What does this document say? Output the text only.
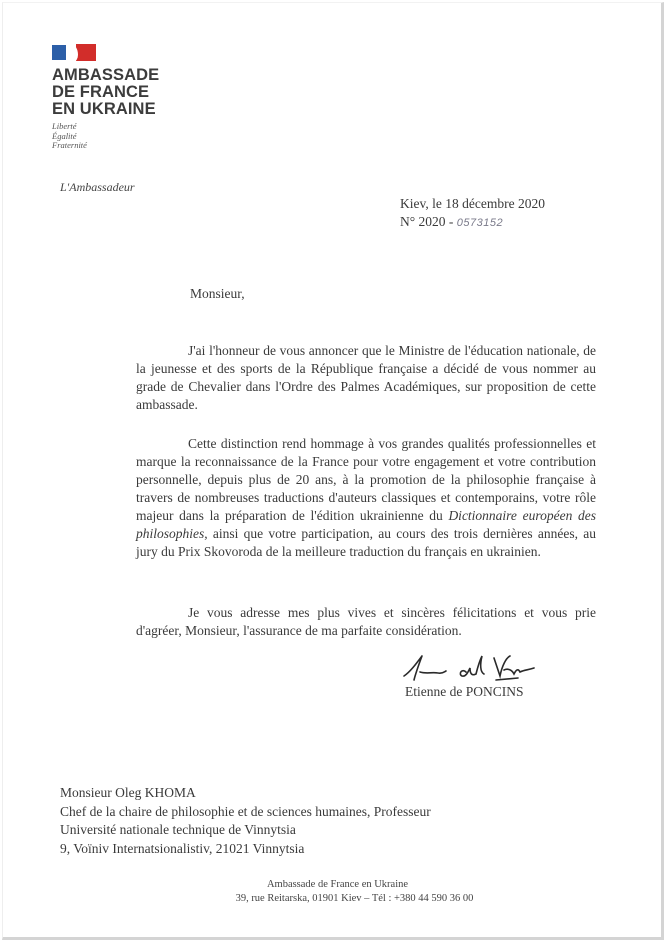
AMBASSADE
DE FRANCE
EN UKRAINE
Liberté
Égalité
Fraternité
L'Ambassadeur
Kiev, le 18 décembre 2020
N° 2020 - 0573152
Monsieur,

J'ai l'honneur de vous annoncer que le Ministre de l'éducation nationale, de la jeunesse et des sports de la République française a décidé de vous nommer au grade de Chevalier dans l'Ordre des Palmes Académiques, sur proposition de cette ambassade.

Cette distinction rend hommage à vos grandes qualités professionnelles et marque la reconnaissance de la France pour votre engagement et votre contribution personnelle, depuis plus de 20 ans, à la promotion de la philosophie française à travers de nombreuses traductions d'auteurs classiques et contemporains, votre rôle majeur dans la préparation de l'édition ukrainienne du Dictionnaire européen des philosophies, ainsi que votre participation, au cours des trois dernières années, au jury du Prix Skovoroda de la meilleure traduction du français en ukrainien.

Je vous adresse mes plus vives et sincères félicitations et vous prie d'agréer, Monsieur, l'assurance de ma parfaite considération.

Etienne de PONCINS
Monsieur Oleg KHOMA
Chef de la chaire de philosophie et de sciences humaines, Professeur
Université nationale technique de Vinnytsia
9, Voïniv Internatsionalistiv, 21021 Vinnytsia
Ambassade de France en Ukraine
39, rue Reitarska, 01901 Kiev – Tél : +380 44 590 36 00
